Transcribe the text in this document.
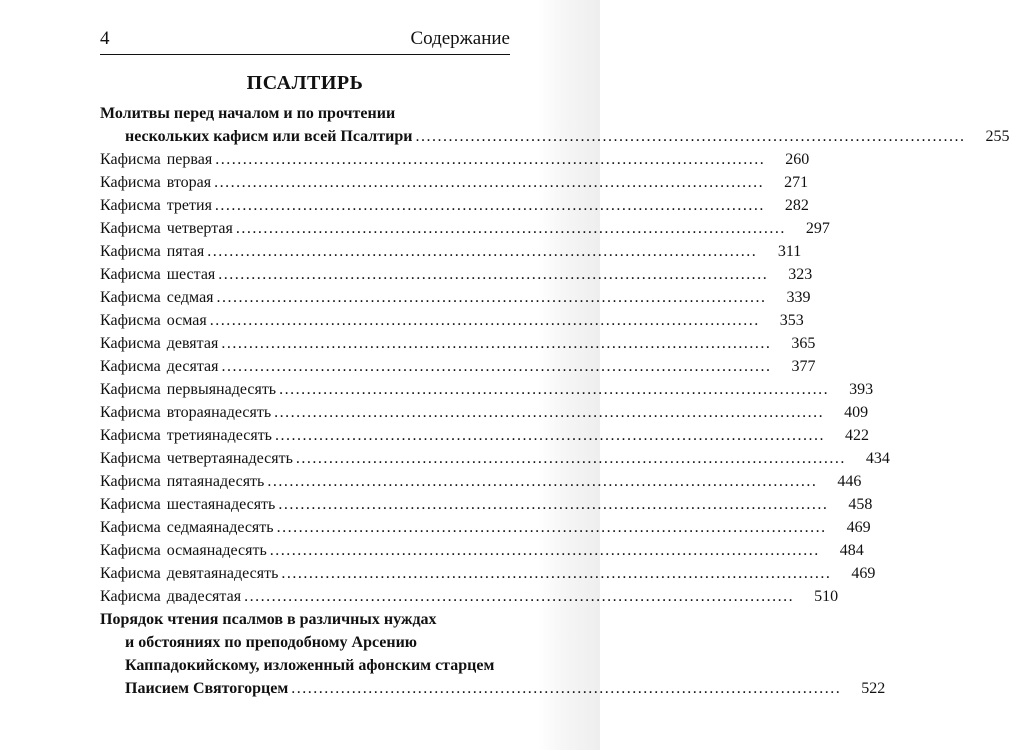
4	Содержание
ПСАЛТИРЬ
Молитвы перед началом и по прочтении
нескольких кафисм или всей Псалтири ....................................................................................................	255
Кафисма первая ....................................................................................................	260
Кафисма вторая ....................................................................................................	271
Кафисма третия ....................................................................................................	282
Кафисма четвертая ....................................................................................................	297
Кафисма пятая ....................................................................................................	311
Кафисма шестая ....................................................................................................	323
Кафисма седмая ....................................................................................................	339
Кафисма осмая ....................................................................................................	353
Кафисма девятая ....................................................................................................	365
Кафисма десятая ....................................................................................................	377
Кафисма первыянадесять ....................................................................................................	393
Кафисма втораянадесять ....................................................................................................	409
Кафисма третиянадесять ....................................................................................................	422
Кафисма четвертаянадесять ....................................................................................................	434
Кафисма пятаянадесять ....................................................................................................	446
Кафисма шестаянадесять ....................................................................................................	458
Кафисма седмаянадесять ....................................................................................................	469
Кафисма осмаянадесять ....................................................................................................	484
Кафисма девятаянадесять ....................................................................................................	469
Кафисма двадесятая ....................................................................................................	510
Порядок чтения псалмов в различных нуждах
и обстояниях по преподобному Арсению
Каппадокийскому, изложенный афонским старцем
Паисием Святогорцем ....................................................................................................	522
